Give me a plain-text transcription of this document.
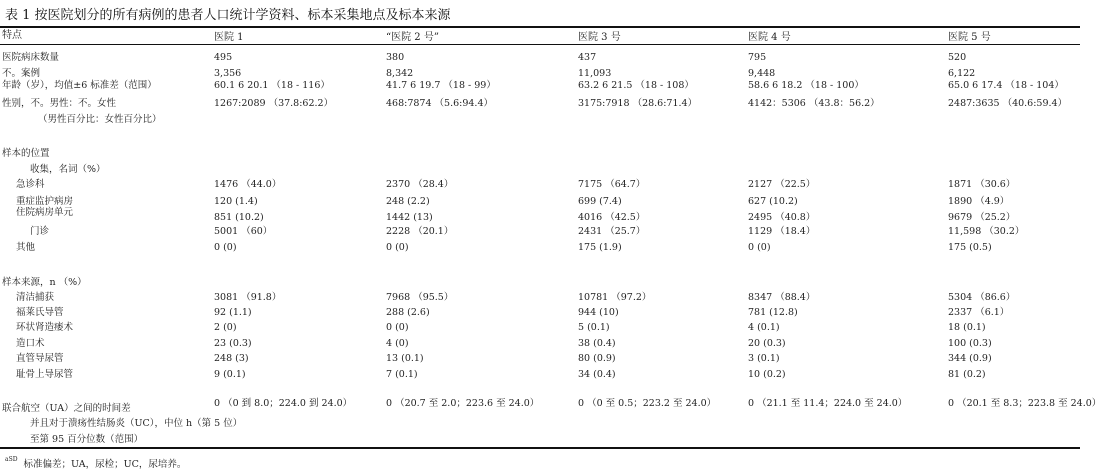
表 1 按医院划分的所有病例的患者人口统计学资料、标本采集地点及标本来源
特点	医院 1	“医院 2 号”	医院 3 号	医院 4 号	医院 5 号
医院病床数量	495	380	437	795	520
不。案例	3,356	8,342	11,093	9,448	6,122
年龄（岁），均值±6 标准差（范围）	60.1 6 20.1 （18 - 116）	41.7 6 19.7 （18 - 99）	63.2 6 21.5 （18 - 108）	58.6 6 18.2 （18 - 100）	65.0 6 17.4 （18 - 104）
性别，不。男性：不。女性	1267:2089 （37.8:62.2）	468:7874 （5.6:94.4）	3175:7918 （28.6:71.4）	4142：5306 （43.8：56.2）	2487:3635 （40.6:59.4）
（男性百分比：女性百分比）
样本的位置
收集，名词（%）
急诊科	1476 （44.0）	2370 （28.4）	7175 （64.7）	2127 （22.5）	1871 （30.6）
重症监护病房	120 (1.4)	248 (2.2)	699 (7.4)	627 (10.2)	1890 （4.9）
住院病房单元	851 (10.2)	1442 (13)	4016 （42.5）	2495 （40.8）	9679 （25.2）
门诊	5001 （60）	2228 （20.1）	2431 （25.7）	1129 （18.4）	11,598 （30.2）
其他	0 (0)	0 (0)	175 (1.9)	0 (0)	175 (0.5)
样本来源，n （%）
清洁捕获	3081 （91.8）	7968 （95.5）	10781 （97.2）	8347 （88.4）	5304 （86.6）
福莱氏导管	92 (1.1)	288 (2.6)	944 (10)	781 (12.8)	2337 （6.1）
环状肾造瘘术	2 (0)	0 (0)	5 (0.1)	4 (0.1)	18 (0.1)
造口术	23 (0.3)	4 (0)	38 (0.4)	20 (0.3)	100 (0.3)
直管导尿管	248 (3)	13 (0.1)	80 (0.9)	3 (0.1)	344 (0.9)
耻骨上导尿管	9 (0.1)	7 (0.1)	34 (0.4)	10 (0.2)	81 (0.2)
联合航空（UA）之间的时间差	0 （0 到 8.0；224.0 到 24.0）	0 （20.7 至 2.0；223.6 至 24.0）	0 （0 至 0.5；223.2 至 24.0）	0 （21.1 至 11.4；224.0 至 24.0）	0 （20.1 至 8.3；223.8 至 24.0）
并且对于溃疡性结肠炎（UC），中位 h（第 5 位）
至第 95 百分位数（范围）
$^{aSD}$ 标准偏差；UA，尿检；UC，尿培养。
